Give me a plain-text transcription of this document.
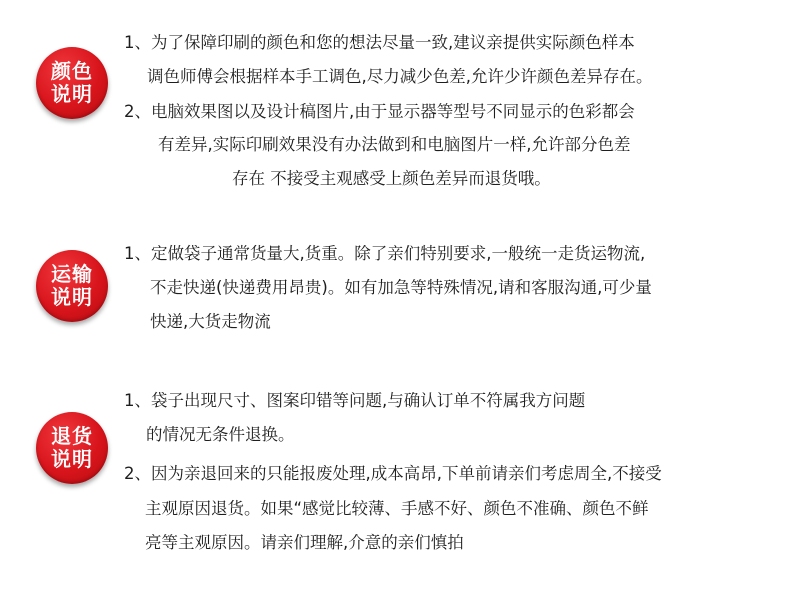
颜色
说明
1、为了保障印刷的颜色和您的想法尽量一致,建议亲提供实际颜色样本
调色师傅会根据样本手工调色,尽力减少色差,允许少许颜色差异存在。
2、电脑效果图以及设计稿图片,由于显示器等型号不同显示的色彩都会
有差异,实际印刷效果没有办法做到和电脑图片一样,允许部分色差
存在 不接受主观感受上颜色差异而退货哦。
运输
说明
1、定做袋子通常货量大,货重。除了亲们特别要求,一般统一走货运物流,
不走快递(快递费用昂贵)。如有加急等特殊情况,请和客服沟通,可少量
快递,大货走物流
退货
说明
1、袋子出现尺寸、图案印错等问题,与确认订单不符属我方问题
的情况无条件退换。
2、因为亲退回来的只能报废处理,成本高昂,下单前请亲们考虑周全,不接受
主观原因退货。如果“感觉比较薄、手感不好、颜色不准确、颜色不鲜
亮等主观原因。请亲们理解,介意的亲们慎拍
